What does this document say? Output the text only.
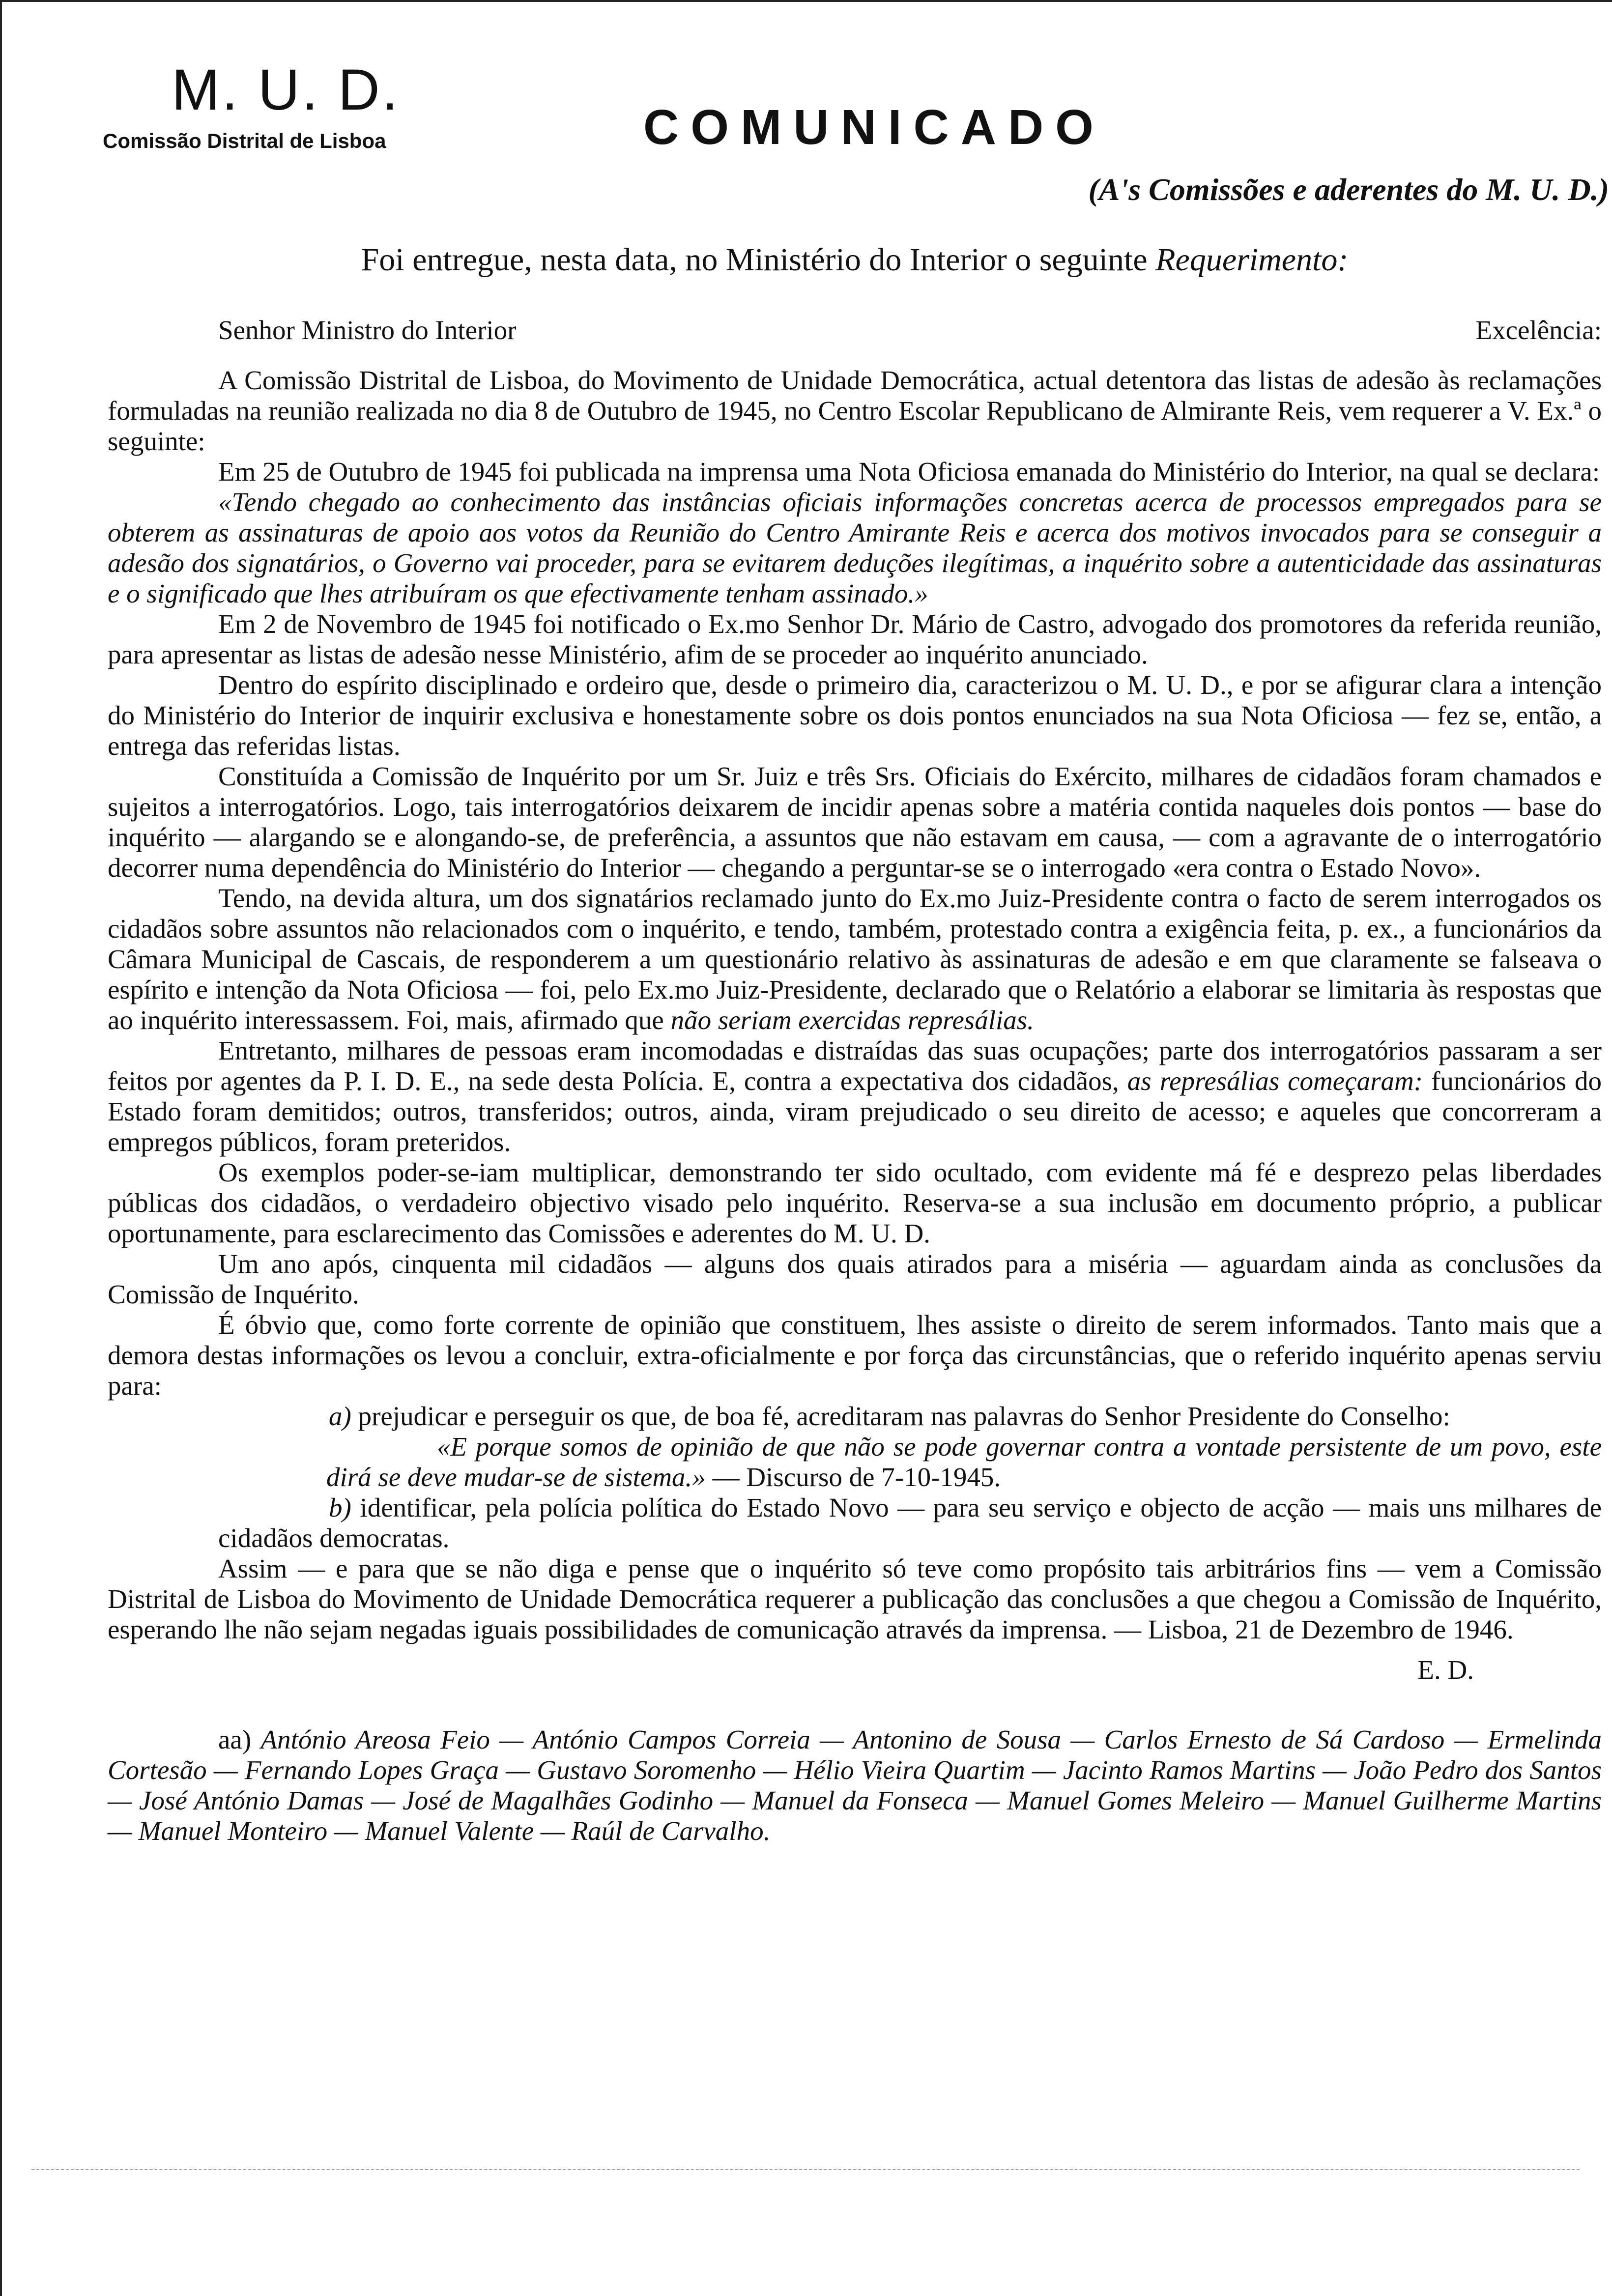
M. U. D.
Comissão Distrital de Lisboa	COMUNICADO
(A's Comissões e aderentes do M. U. D.)
Foi entregue, nesta data, no Ministério do Interior o seguinte Requerimento:
Senhor Ministro do Interior	Excelência:

A Comissão Distrital de Lisboa, do Movimento de Unidade Democrática, actual detentora das listas de adesão às reclamações formuladas na reunião realizada no dia 8 de Outubro de 1945, no Centro Escolar Republicano de Almirante Reis, vem requerer a V. Ex.ª o seguinte:

Em 25 de Outubro de 1945 foi publicada na imprensa uma Nota Oficiosa emanada do Ministério do Interior, na qual se declara:

«Tendo chegado ao conhecimento das instâncias oficiais informações concretas acerca de processos empregados para se obterem as assinaturas de apoio aos votos da Reunião do Centro Amirante Reis e acerca dos motivos invocados para se conseguir a adesão dos signatários, o Governo vai proceder, para se evitarem deduções ilegítimas, a inquérito sobre a autenticidade das assinaturas e o significado que lhes atribuíram os que efectivamente tenham assinado.»

Em 2 de Novembro de 1945 foi notificado o Ex.mo Senhor Dr. Mário de Castro, advogado dos promotores da referida reunião, para apresentar as listas de adesão nesse Ministério, afim de se proceder ao inquérito anunciado.

Dentro do espírito disciplinado e ordeiro que, desde o primeiro dia, caracterizou o M. U. D., e por se afigurar clara a intenção do Ministério do Interior de inquirir exclusiva e honestamente sobre os dois pontos enunciados na sua Nota Oficiosa — fez se, então, a entrega das referidas listas.

Constituída a Comissão de Inquérito por um Sr. Juiz e três Srs. Oficiais do Exército, milhares de cidadãos foram chamados e sujeitos a interrogatórios. Logo, tais interrogatórios deixarem de incidir apenas sobre a matéria contida naqueles dois pontos — base do inquérito — alargando se e alongando-se, de preferência, a assuntos que não estavam em causa, — com a agravante de o interrogatório decorrer numa dependência do Ministério do Interior — chegando a perguntar-se se o interrogado «era contra o Estado Novo».

Tendo, na devida altura, um dos signatários reclamado junto do Ex.mo Juiz-Presidente contra o facto de serem interrogados os cidadãos sobre assuntos não relacionados com o inquérito, e tendo, também, protestado contra a exigência feita, p. ex., a funcionários da Câmara Municipal de Cascais, de responderem a um questionário relativo às assinaturas de adesão e em que claramente se falseava o espírito e intenção da Nota Oficiosa — foi, pelo Ex.mo Juiz-Presidente, declarado que o Relatório a elaborar se limitaria às respostas que ao inquérito interessassem. Foi, mais, afirmado que não seriam exercidas represálias.

Entretanto, milhares de pessoas eram incomodadas e distraídas das suas ocupações; parte dos interrogatórios passaram a ser feitos por agentes da P. I. D. E., na sede desta Polícia. E, contra a expectativa dos cidadãos, as represálias começaram: funcionários do Estado foram demitidos; outros, transferidos; outros, ainda, viram prejudicado o seu direito de acesso; e aqueles que concorreram a empregos públicos, foram preteridos.

Os exemplos poder-se-iam multiplicar, demonstrando ter sido ocultado, com evidente má fé e desprezo pelas liberdades públicas dos cidadãos, o verdadeiro objectivo visado pelo inquérito. Reserva-se a sua inclusão em documento próprio, a publicar oportunamente, para esclarecimento das Comissões e aderentes do M. U. D.

Um ano após, cinquenta mil cidadãos — alguns dos quais atirados para a miséria — aguardam ainda as conclusões da Comissão de Inquérito.

É óbvio que, como forte corrente de opinião que constituem, lhes assiste o direito de serem informados. Tanto mais que a demora destas informações os levou a concluir, extra-oficialmente e por força das circunstâncias, que o referido inquérito apenas serviu para:

a) prejudicar e perseguir os que, de boa fé, acreditaram nas palavras do Senhor Presidente do Conselho:

«E porque somos de opinião de que não se pode governar contra a vontade persistente de um povo, este dirá se deve mudar-se de sistema.» — Discurso de 7-10-1945.

b) identificar, pela polícia política do Estado Novo — para seu serviço e objecto de acção — mais uns milhares de cidadãos democratas.

Assim — e para que se não diga e pense que o inquérito só teve como propósito tais arbitrários fins — vem a Comissão Distrital de Lisboa do Movimento de Unidade Democrática requerer a publicação das conclusões a que chegou a Comissão de Inquérito, esperando lhe não sejam negadas iguais possibilidades de comunicação através da imprensa. — Lisboa, 21 de Dezembro de 1946.

E. D.

aa) António Areosa Feio — António Campos Correia — Antonino de Sousa — Carlos Ernesto de Sá Cardoso — Ermelinda Cortesão — Fernando Lopes Graça — Gustavo Soromenho — Hélio Vieira Quartim — Jacinto Ramos Martins — João Pedro dos Santos — José António Damas — José de Magalhães Godinho — Manuel da Fonseca — Manuel Gomes Meleiro — Manuel Guilherme Martins — Manuel Monteiro — Manuel Valente — Raúl de Carvalho.
